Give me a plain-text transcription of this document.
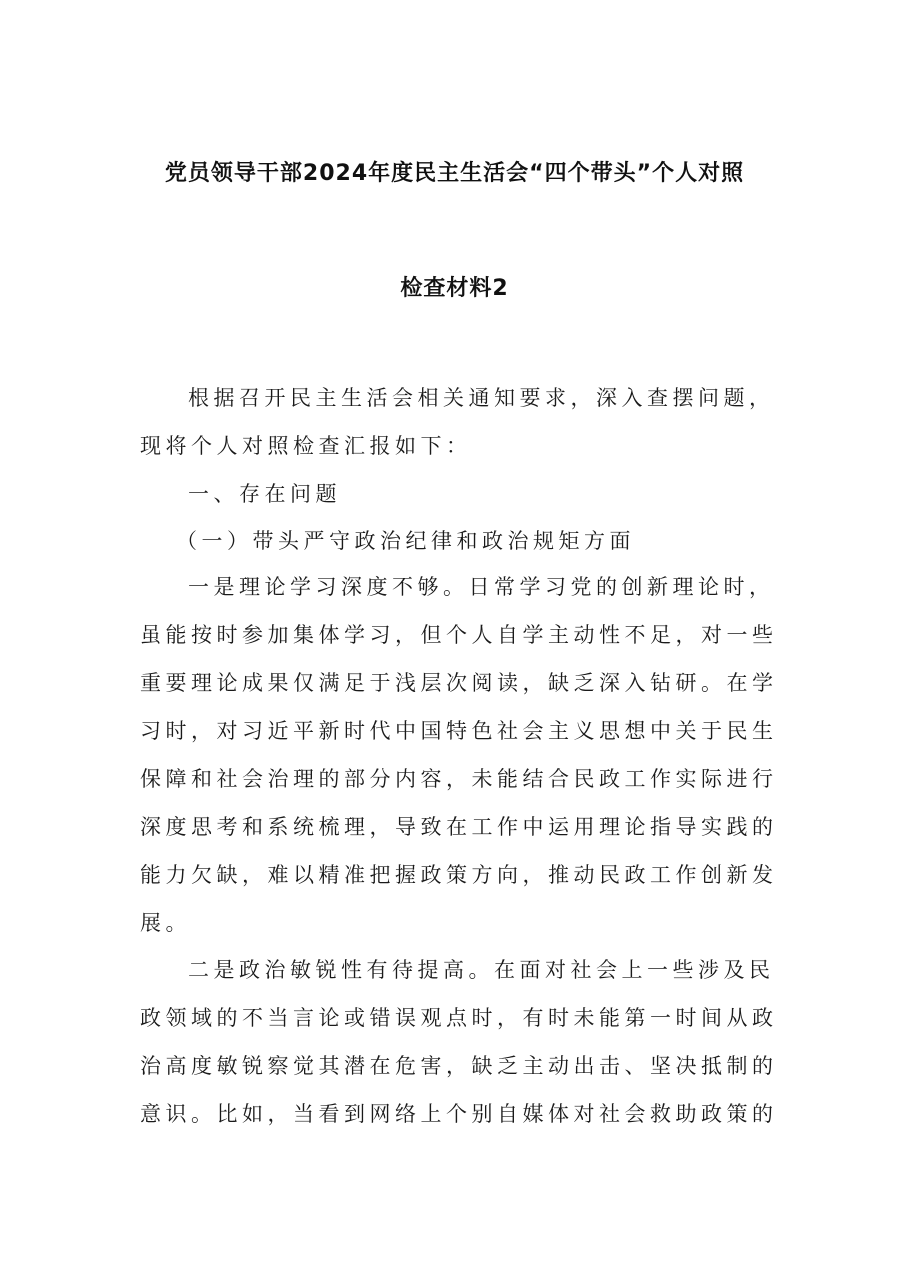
党员领导干部2024年度民主生活会“四个带头”个人对照
检查材料2
根据召开民主生活会相关通知要求，深入查摆问题，
现将个人对照检查汇报如下：
一、存在问题
（一）带头严守政治纪律和政治规矩方面
一是理论学习深度不够。日常学习党的创新理论时，
虽能按时参加集体学习，但个人自学主动性不足，对一些
重要理论成果仅满足于浅层次阅读，缺乏深入钻研。在学
习时，对习近平新时代中国特色社会主义思想中关于民生
保障和社会治理的部分内容，未能结合民政工作实际进行
深度思考和系统梳理，导致在工作中运用理论指导实践的
能力欠缺，难以精准把握政策方向，推动民政工作创新发
展。
二是政治敏锐性有待提高。在面对社会上一些涉及民
政领域的不当言论或错误观点时，有时未能第一时间从政
治高度敏锐察觉其潜在危害，缺乏主动出击、坚决抵制的
意识。比如，当看到网络上个别自媒体对社会救助政策的
